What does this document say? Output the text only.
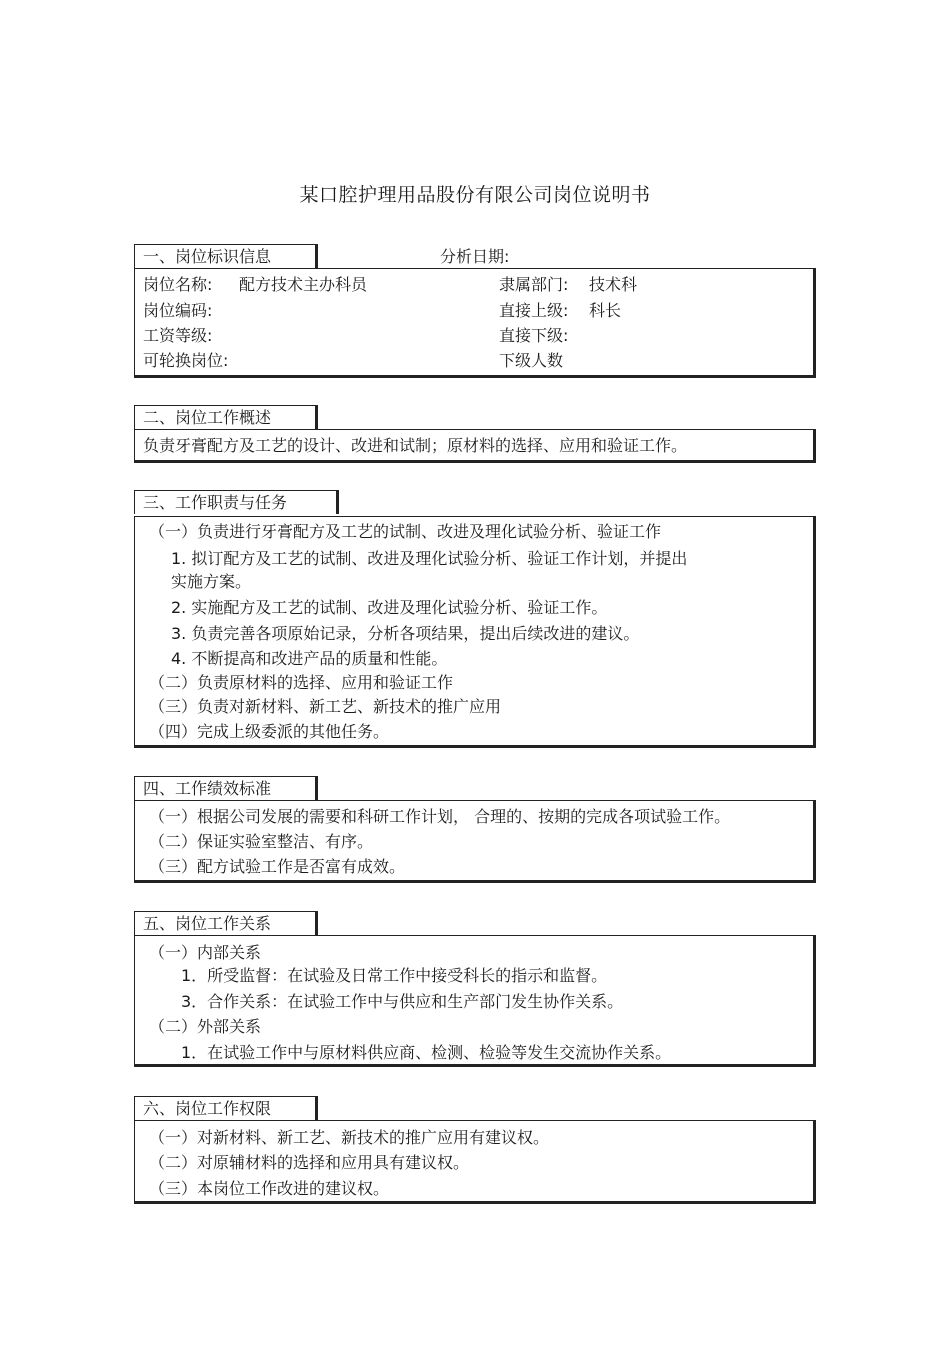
某口腔护理用品股份有限公司岗位说明书
一、岗位标识信息	分析日期:
岗位名称: 配方技术主办科员	隶属部门: 技术科
岗位编码:	直接上级: 科长
工资等级:	直接下级:
可轮换岗位:	下级人数
二、岗位工作概述
负责牙膏配方及工艺的设计、改进和试制；原材料的选择、应用和验证工作。
三、工作职责与任务
（一）负责进行牙膏配方及工艺的试制、改进及理化试验分析、验证工作
1. 拟订配方及工艺的试制、改进及理化试验分析、验证工作计划，并提出
实施方案。
2. 实施配方及工艺的试制、改进及理化试验分析、验证工作。
3. 负责完善各项原始记录，分析各项结果，提出后续改进的建议。
4. 不断提高和改进产品的质量和性能。
（二）负责原材料的选择、应用和验证工作
（三）负责对新材料、新工艺、新技术的推广应用
（四）完成上级委派的其他任务。
四、工作绩效标准
（一）根据公司发展的需要和科研工作计划， 合理的、按期的完成各项试验工作。
（二）保证实验室整洁、有序。
（三）配方试验工作是否富有成效。
五、岗位工作关系
（一）内部关系
1．所受监督：在试验及日常工作中接受科长的指示和监督。
3．合作关系：在试验工作中与供应和生产部门发生协作关系。
（二）外部关系
1．在试验工作中与原材料供应商、检测、检验等发生交流协作关系。
六、岗位工作权限
（一）对新材料、新工艺、新技术的推广应用有建议权。
（二）对原辅材料的选择和应用具有建议权。
（三）本岗位工作改进的建议权。
